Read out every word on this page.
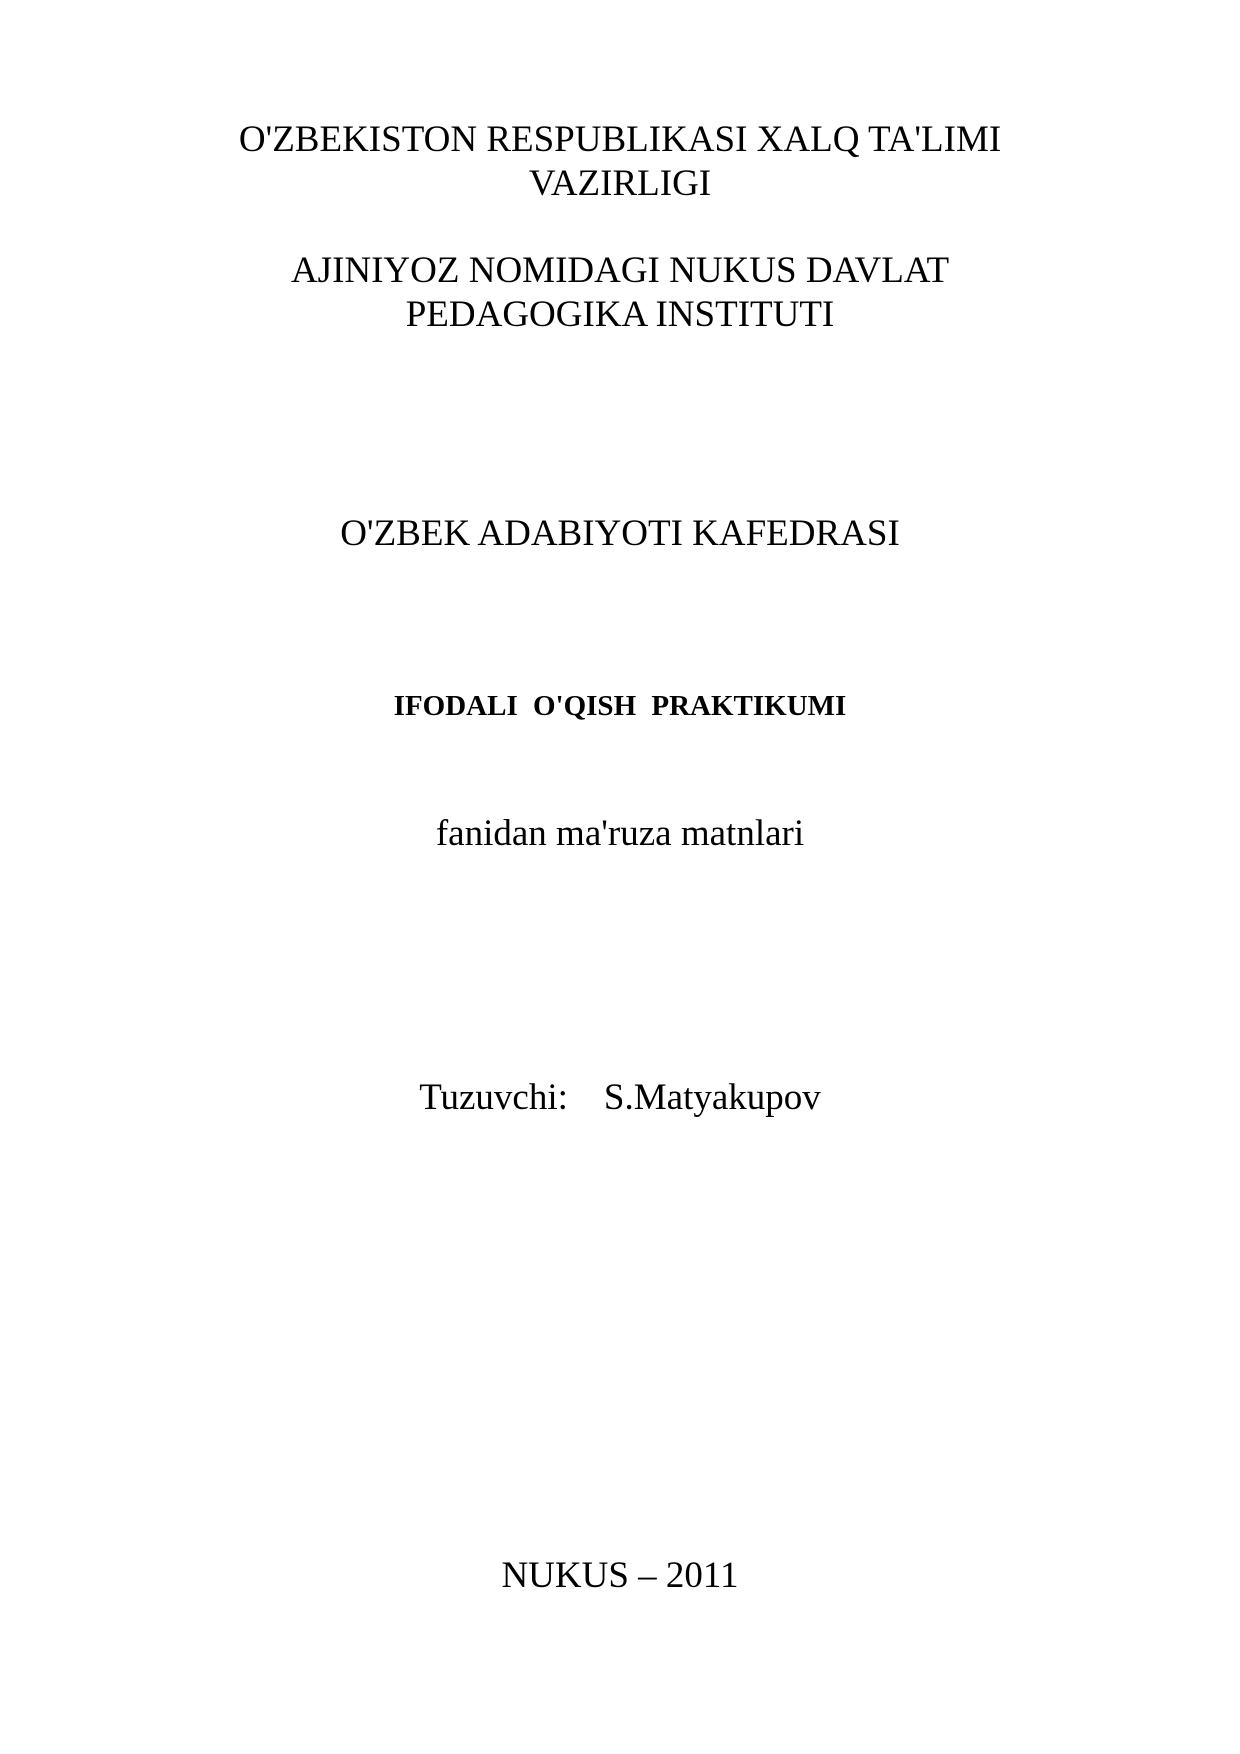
O'ZBEKISTON RESPUBLIKASI XALQ TA'LIMI
VAZIRLIGI
AJINIYOZ NOMIDAGI NUKUS DAVLAT
PEDAGOGIKA INSTITUTI
O'ZBEK ADABIYOTI KAFEDRASI
IFODALI O'QISH PRAKTIKUMI
fanidan ma'ruza matnlari
Tuzuvchi: S.Matyakupov
NUKUS – 2011
